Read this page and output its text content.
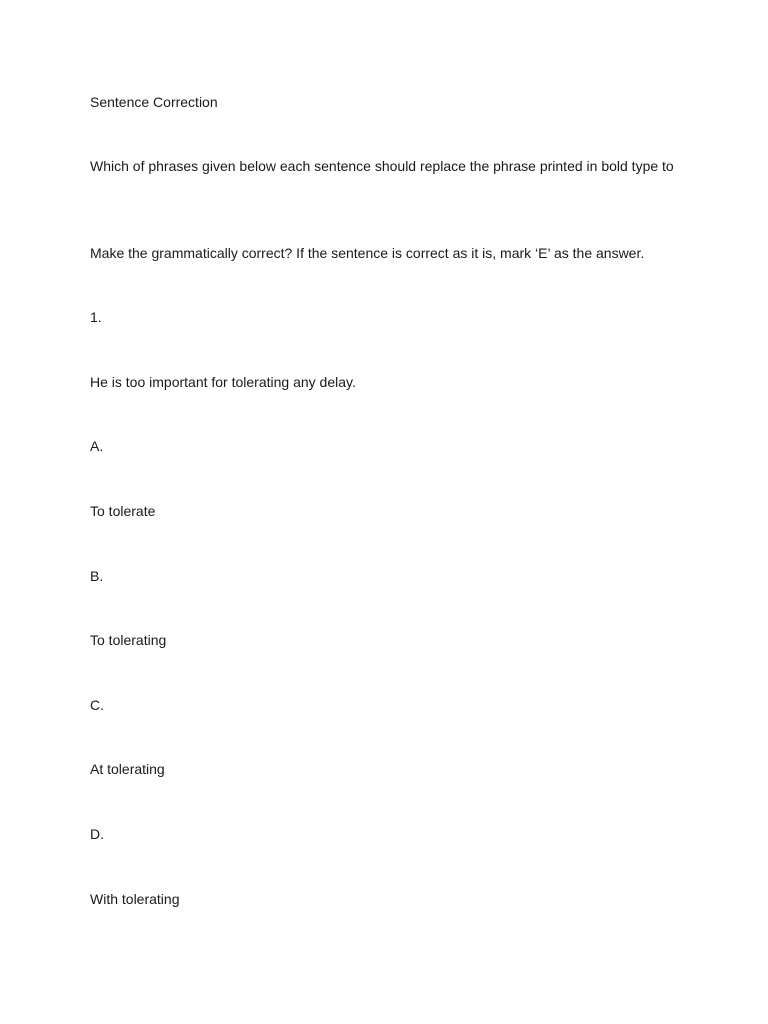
Sentence Correction

Which of phrases given below each sentence should replace the phrase printed in bold type to

Make the grammatically correct? If the sentence is correct as it is, mark ‘E’ as the answer.

1.

He is too important for tolerating any delay.

A.

To tolerate

B.

To tolerating

C.

At tolerating

D.

With tolerating
